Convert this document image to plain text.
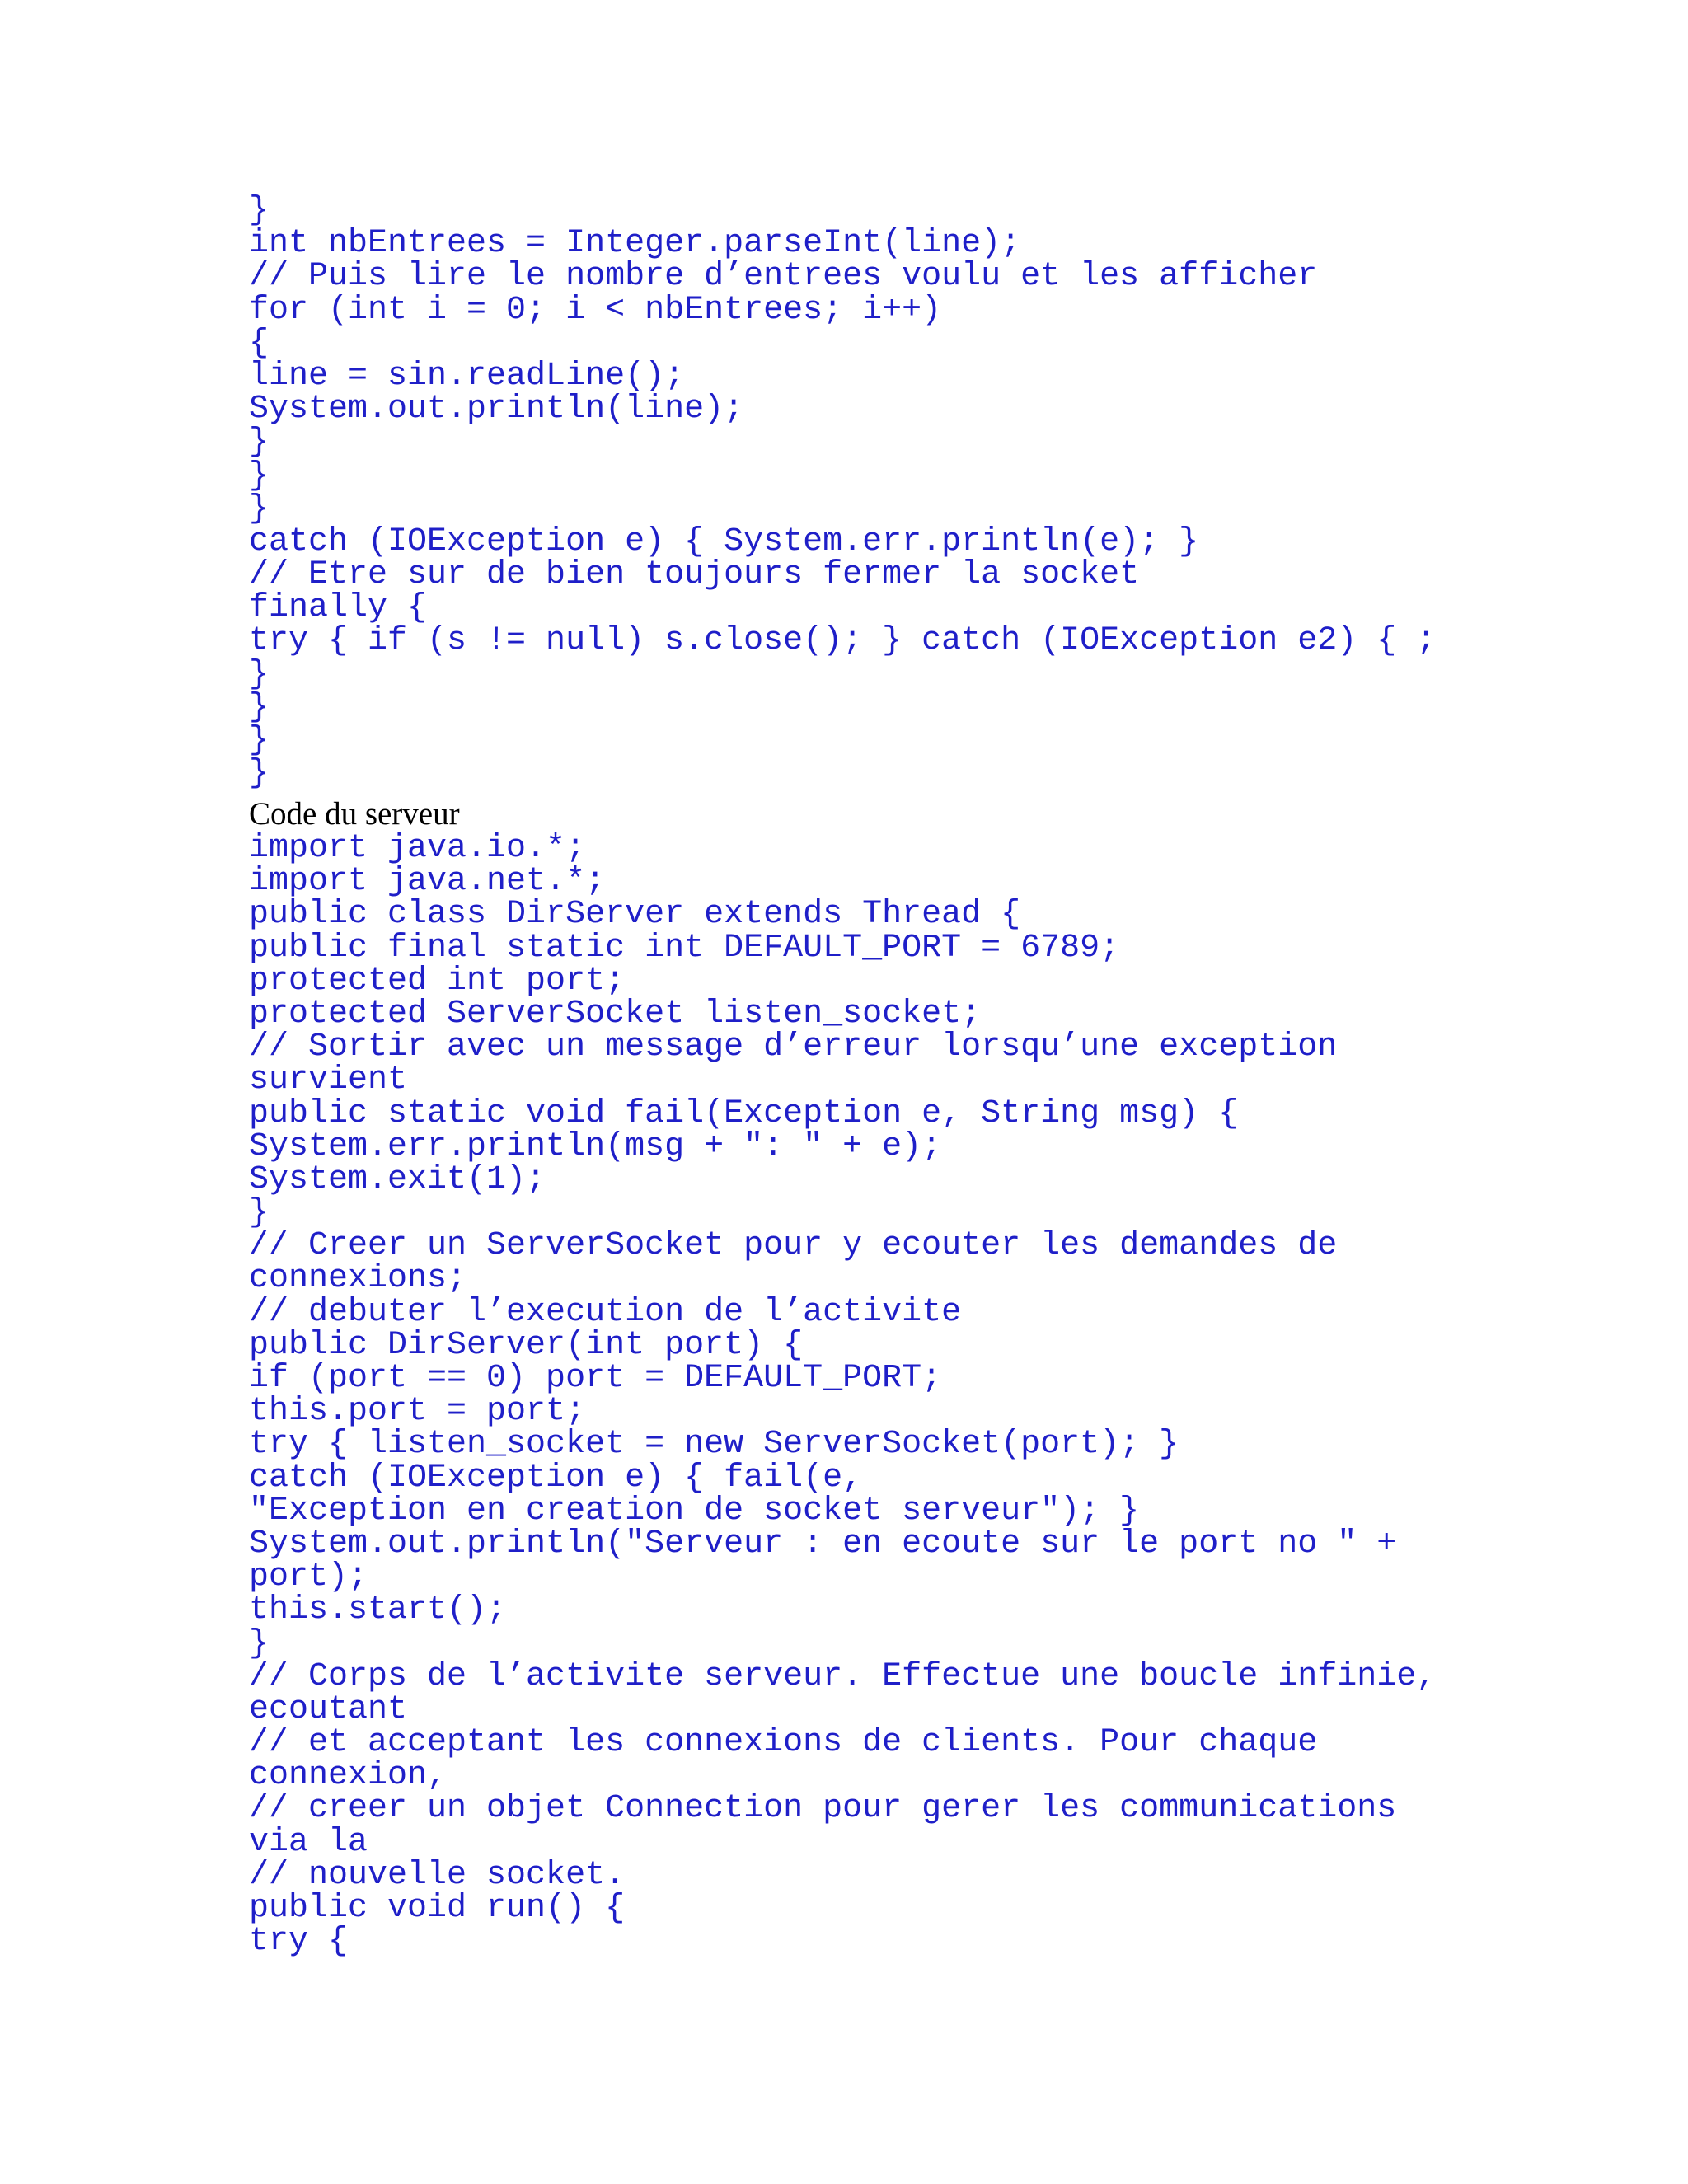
}
int nbEntrees = Integer.parseInt(line);
// Puis lire le nombre d’entrees voulu et les afficher
for (int i = 0; i < nbEntrees; i++)
{
line = sin.readLine();
System.out.println(line);
}
}
}
catch (IOException e) { System.err.println(e); }
// Etre sur de bien toujours fermer la socket
finally {
try { if (s != null) s.close(); } catch (IOException e2) { ;
}
}
}
}
Code du serveur
import java.io.*;
import java.net.*;
public class DirServer extends Thread {
public final static int DEFAULT_PORT = 6789;
protected int port;
protected ServerSocket listen_socket;
// Sortir avec un message d’erreur lorsqu’une exception
survient
public static void fail(Exception e, String msg) {
System.err.println(msg + ": " + e);
System.exit(1);
}
// Creer un ServerSocket pour y ecouter les demandes de
connexions;
// debuter l’execution de l’activite
public DirServer(int port) {
if (port == 0) port = DEFAULT_PORT;
this.port = port;
try { listen_socket = new ServerSocket(port); }
catch (IOException e) { fail(e,
"Exception en creation de socket serveur"); }
System.out.println("Serveur : en ecoute sur le port no " +
port);
this.start();
}
// Corps de l’activite serveur. Effectue une boucle infinie,
ecoutant
// et acceptant les connexions de clients. Pour chaque
connexion,
// creer un objet Connection pour gerer les communications
via la
// nouvelle socket.
public void run() {
try {
